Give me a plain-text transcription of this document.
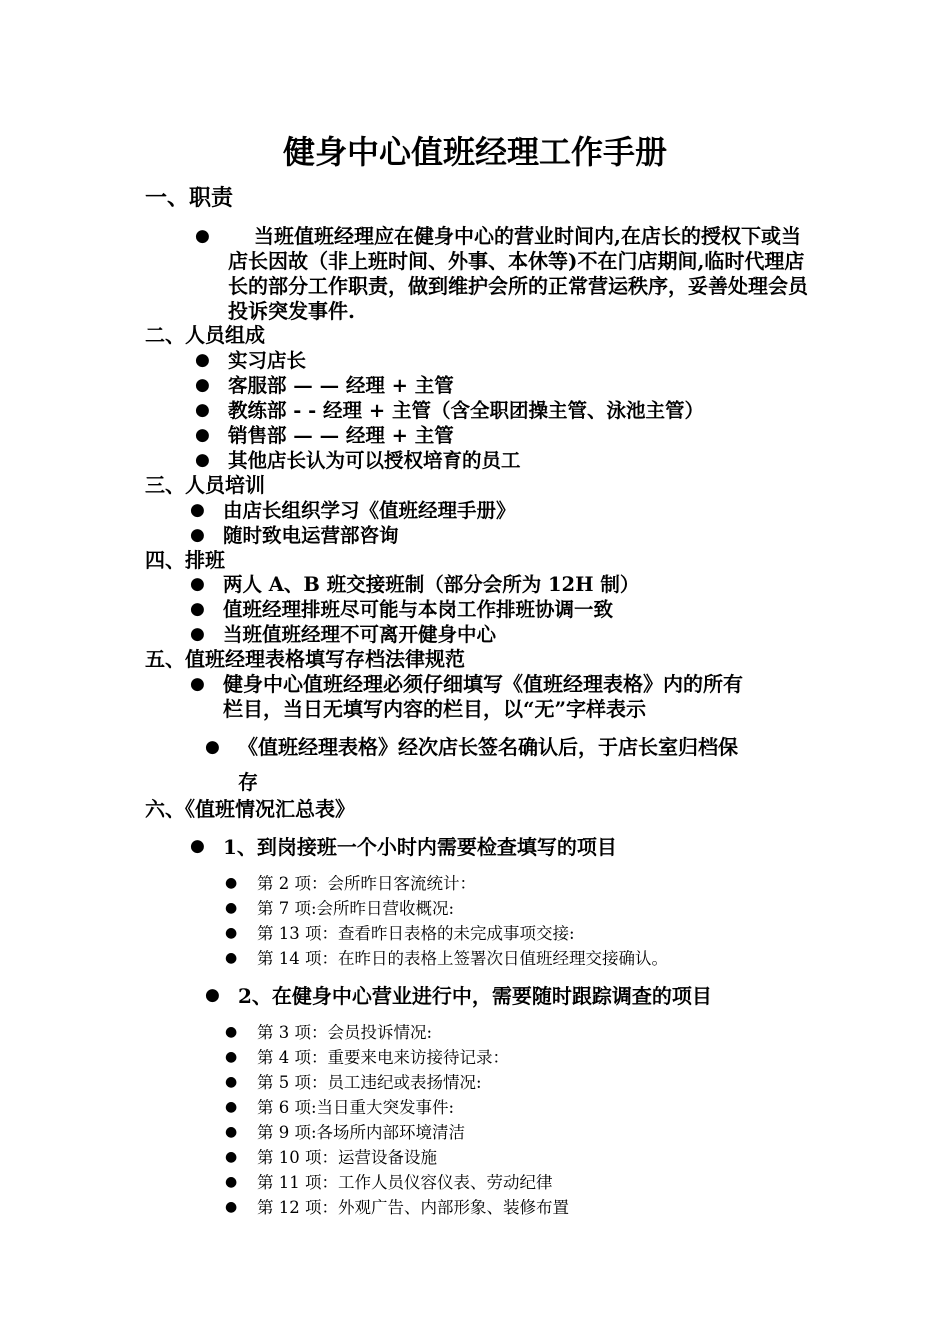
健身中心值班经理工作手册
一、职责
●	当班值班经理应在健身中心的营业时间内,在店长的授权下或当店长因故（非上班时间、外事、本休等)不在门店期间,临时代理店长的部分工作职责，做到维护会所的正常营运秩序，妥善处理会员投诉突发事件.
二、人员组成
● 实习店长
● 客服部 — — 经理 + 主管
● 教练部 - - 经理 + 主管（含全职团操主管、泳池主管）
● 销售部 — — 经理 + 主管
● 其他店长认为可以授权培育的员工
三、人员培训
● 由店长组织学习《值班经理手册》
● 随时致电运营部咨询
四、排班
● 两人 A、B 班交接班制（部分会所为 12H 制）
● 值班经理排班尽可能与本岗工作排班协调一致
● 当班值班经理不可离开健身中心
五、值班经理表格填写存档法律规范
● 健身中心值班经理必须仔细填写《值班经理表格》内的所有
栏目，当日无填写内容的栏目，以“无”字样表示
● 《值班经理表格》经次店长签名确认后，于店长室归档保
存
六、《值班情况汇总表》
● 1、到岗接班一个小时内需要检查填写的项目
● 第 2 项：会所昨日客流统计：
● 第 7 项:会所昨日营收概况:
● 第 13 项：查看昨日表格的未完成事项交接:
● 第 14 项：在昨日的表格上签署次日值班经理交接确认。
● 2、在健身中心营业进行中，需要随时跟踪调查的项目
● 第 3 项：会员投诉情况:
● 第 4 项：重要来电来访接待记录：
● 第 5 项：员工违纪或表扬情况:
● 第 6 项:当日重大突发事件:
● 第 9 项:各场所内部环境清洁
● 第 10 项：运营设备设施
● 第 11 项：工作人员仪容仪表、劳动纪律
● 第 12 项：外观广告、内部形象、装修布置
